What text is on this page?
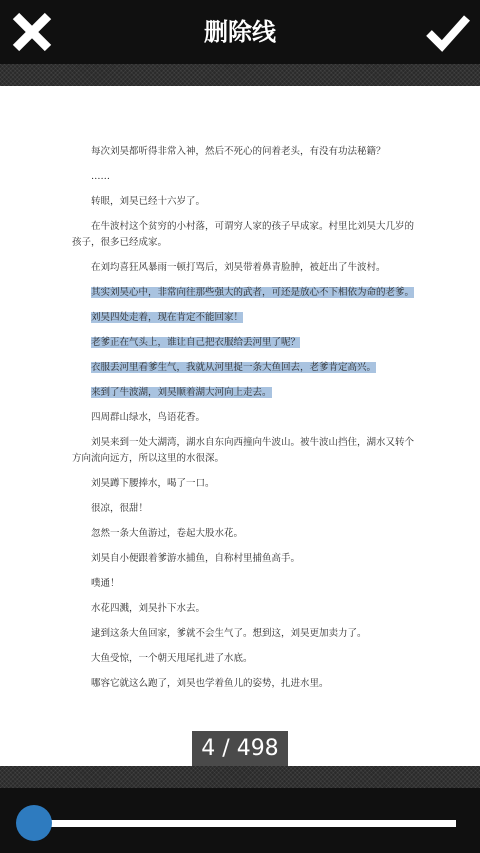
删除线
每次刘昊都听得非常入神，然后不死心的问着老头，有没有功法秘籍？
……
转眼，刘昊已经十六岁了。
在牛波村这个贫穷的小村落，可谓穷人家的孩子早成家。村里比刘昊大几岁的孩子，很多已经成家。
在刘均喜狂风暴雨一顿打骂后，刘昊带着鼻青脸肿，被赶出了牛波村。
其实刘昊心中，非常向往那些强大的武者，可还是放心不下相依为命的老爹。
刘昊四处走着，现在肯定不能回家！
老爹正在气头上，谁让自己把衣服给丢河里了呢？
衣服丢河里看爹生气，我就从河里捉一条大鱼回去，老爹肯定高兴。
来到了牛波湖，刘昊顺着湖大河向上走去。
四周群山绿水，鸟语花香。
刘昊来到一处大湖湾，湖水自东向西撞向牛波山。被牛波山挡住，湖水又转个方向流向远方，所以这里的水很深。
刘昊蹲下腰捧水，喝了一口。
很凉，很甜！
忽然一条大鱼游过，卷起大股水花。
刘昊自小便跟着爹游水捕鱼，自称村里捕鱼高手。
噗通！
水花四溅，刘昊扑下水去。
逮到这条大鱼回家，爹就不会生气了。想到这，刘昊更加卖力了。
大鱼受惊，一个朝天甩尾扎进了水底。
哪容它就这么跑了，刘昊也学着鱼儿的姿势，扎进水里。
4 / 498
